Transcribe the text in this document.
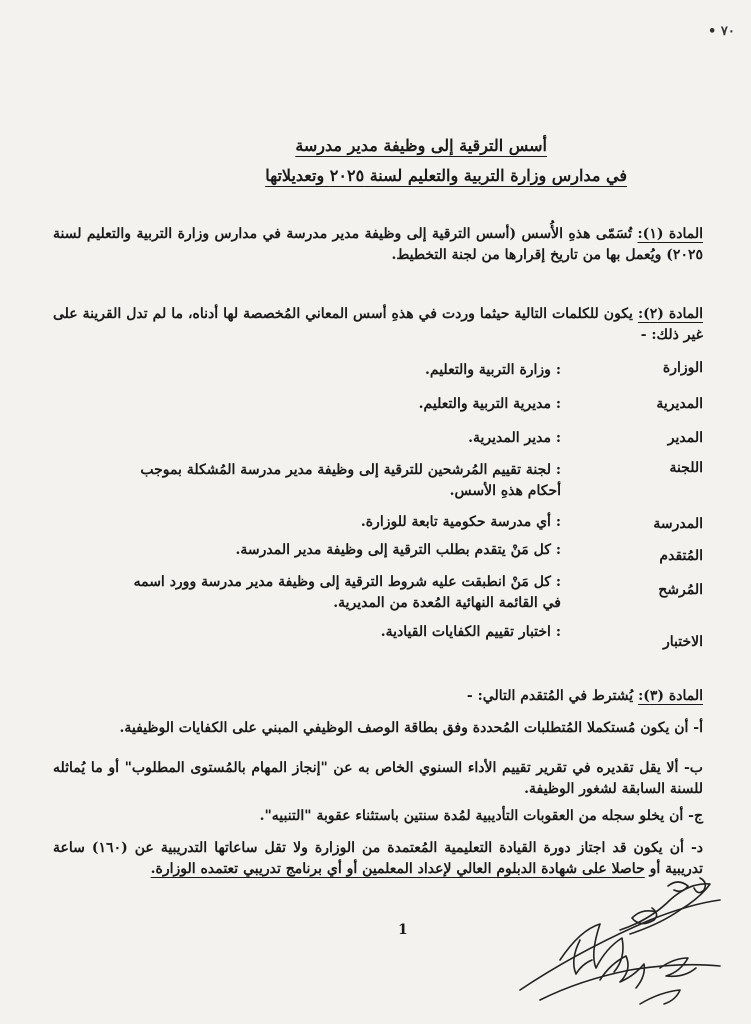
• ٧٠
أسس الترقية إلى وظيفة مدير مدرسة
في مدارس وزارة التربية والتعليم لسنة ٢٠٢٥ وتعديلاتها
المادة (١): تُسَمّى هذهِ الأُسس (أسس الترقية إلى وظيفة مدير مدرسة في مدارس وزارة التربية والتعليم لسنة ٢٠٢٥) ويُعمل بها من تاريخ إقرارها من لجنة التخطيط.
المادة (٢): يكون للكلمات التالية حيثما وردت في هذهِ أسس المعاني المُخصصة لها أدناه، ما لم تدل القرينة على غير ذلك: -
الوزارة
: وزارة التربية والتعليم.
المديرية
: مديرية التربية والتعليم.
المدير
: مدير المديرية.
اللجنة
: لجنة تقييم المُرشحين للترقية إلى وظيفة مدير مدرسة المُشكلة بموجب أحكام هذهِ الأسس.
المدرسة
: أي مدرسة حكومية تابعة للوزارة.
المُتقدم
: كل مَنْ يتقدم بطلب الترقية إلى وظيفة مدير المدرسة.
المُرشح
: كل مَنْ انطبقت عليه شروط الترقية إلى وظيفة مدير مدرسة وورد اسمه في القائمة النهائية المُعدة من المديرية.
الاختبار
: اختبار تقييم الكفايات القيادية.
المادة (٣): يُشترط في المُتقدم التالي: -
أ- أن يكون مُستكملا المُتطلبات المُحددة وفق بطاقة الوصف الوظيفي المبني على الكفايات الوظيفية.
ب- ألا يقل تقديره في تقرير تقييم الأداء السنوي الخاص به عن "إنجاز المهام بالمُستوى المطلوب" أو ما يُماثله للسنة السابقة لشغور الوظيفة.
ج- أن يخلو سجله من العقوبات التأديبية لمُدة سنتين باستثناء عقوبة "التنبيه".
د- أن يكون قد اجتاز دورة القيادة التعليمية المُعتمدة من الوزارة ولا تقل ساعاتها التدريبية عن (١٦٠) ساعة تدريبية أو حاصلا على شهادة الدبلوم العالي لإعداد المعلمين أو أي برنامج تدريبي تعتمده الوزارة.
1
